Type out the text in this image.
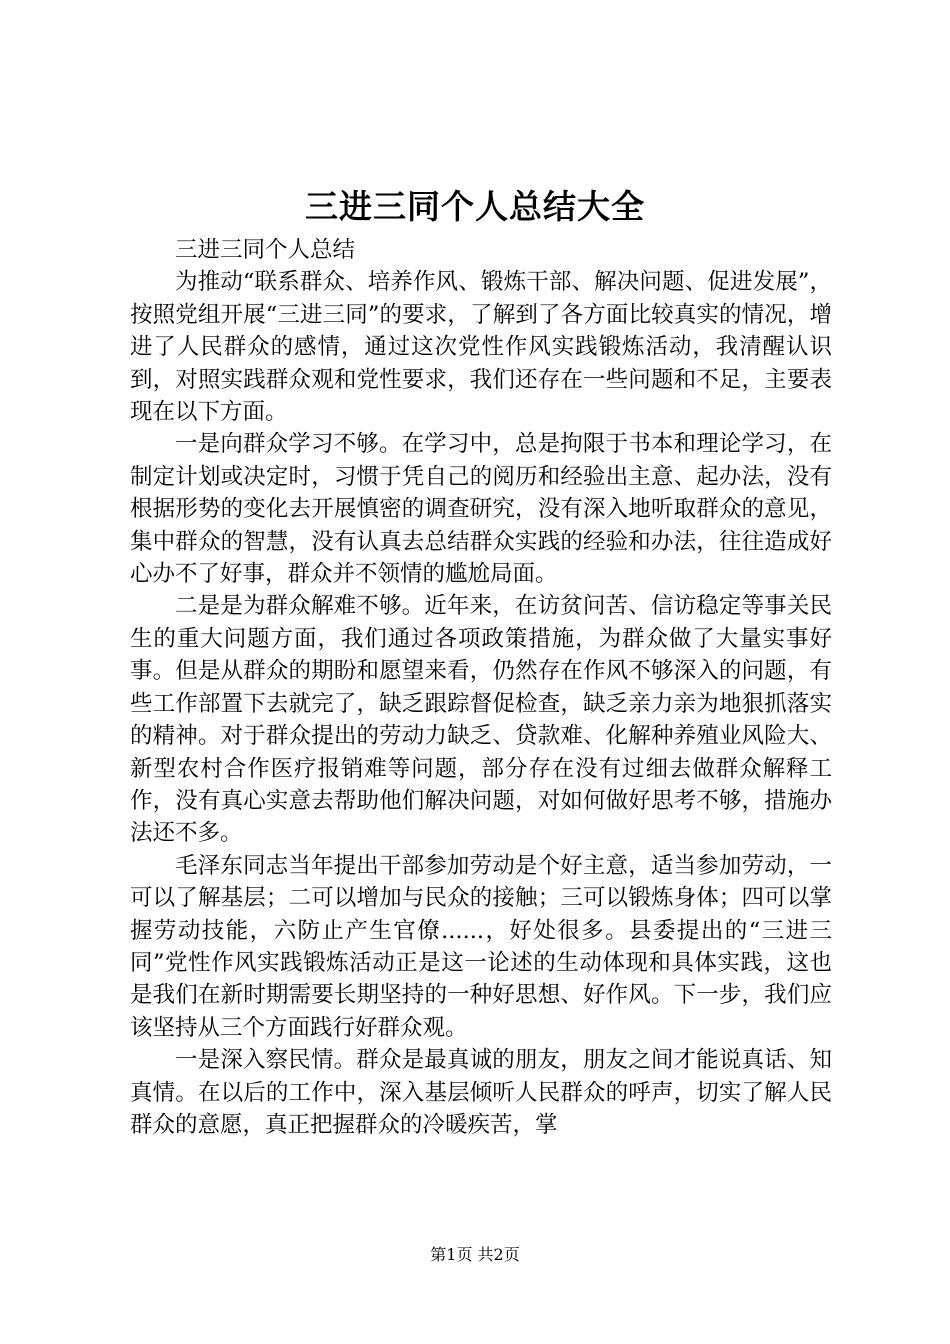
三进三同个人总结大全

三进三同个人总结

为推动“联系群众、培养作风、锻炼干部、解决问题、促进发展”，按照党组开展“三进三同”的要求，了解到了各方面比较真实的情况，增进了人民群众的感情，通过这次党性作风实践锻炼活动，我清醒认识到，对照实践群众观和党性要求，我们还存在一些问题和不足，主要表现在以下方面。

一是向群众学习不够。在学习中，总是拘限于书本和理论学习，在制定计划或决定时，习惯于凭自己的阅历和经验出主意、起办法，没有根据形势的变化去开展慎密的调查研究，没有深入地听取群众的意见，集中群众的智慧，没有认真去总结群众实践的经验和办法，往往造成好心办不了好事，群众并不领情的尴尬局面。

二是是为群众解难不够。近年来，在访贫问苦、信访稳定等事关民生的重大问题方面，我们通过各项政策措施，为群众做了大量实事好事。但是从群众的期盼和愿望来看，仍然存在作风不够深入的问题，有些工作部置下去就完了，缺乏跟踪督促检查，缺乏亲力亲为地狠抓落实的精神。对于群众提出的劳动力缺乏、贷款难、化解种养殖业风险大、新型农村合作医疗报销难等问题，部分存在没有过细去做群众解释工作，没有真心实意去帮助他们解决问题，对如何做好思考不够，措施办法还不多。

毛泽东同志当年提出干部参加劳动是个好主意，适当参加劳动，一可以了解基层；二可以增加与民众的接触；三可以锻炼身体；四可以掌握劳动技能，六防止产生官僚......，好处很多。县委提出的“三进三同”党性作风实践锻炼活动正是这一论述的生动体现和具体实践，这也是我们在新时期需要长期坚持的一种好思想、好作风。下一步，我们应该坚持从三个方面践行好群众观。

一是深入察民情。群众是最真诚的朋友，朋友之间才能说真话、知真情。在以后的工作中，深入基层倾听人民群众的呼声，切实了解人民群众的意愿，真正把握群众的冷暖疾苦，掌

第1页 共2页
